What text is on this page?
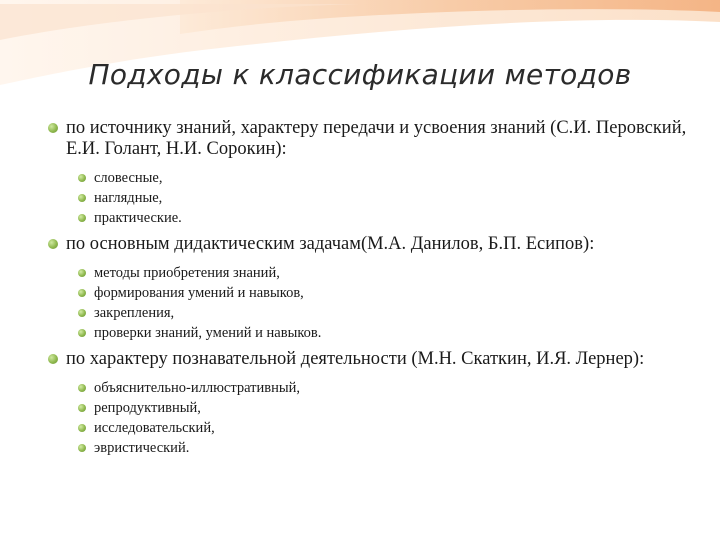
Подходы к классификации методов
по источнику знаний, характеру передачи и усвоения знаний (С.И. Перовский, Е.И. Голант, Н.И. Сорокин):
словесные,
наглядные,
практические.
по основным дидактическим задачам(М.А. Данилов, Б.П. Есипов):
методы приобретения знаний,
формирования умений и навыков,
закрепления,
проверки знаний, умений и навыков.
по характеру познавательной деятельности (М.Н. Скаткин, И.Я. Лернер):
объяснительно-иллюстративный,
репродуктивный,
исследовательский,
эвристический.
